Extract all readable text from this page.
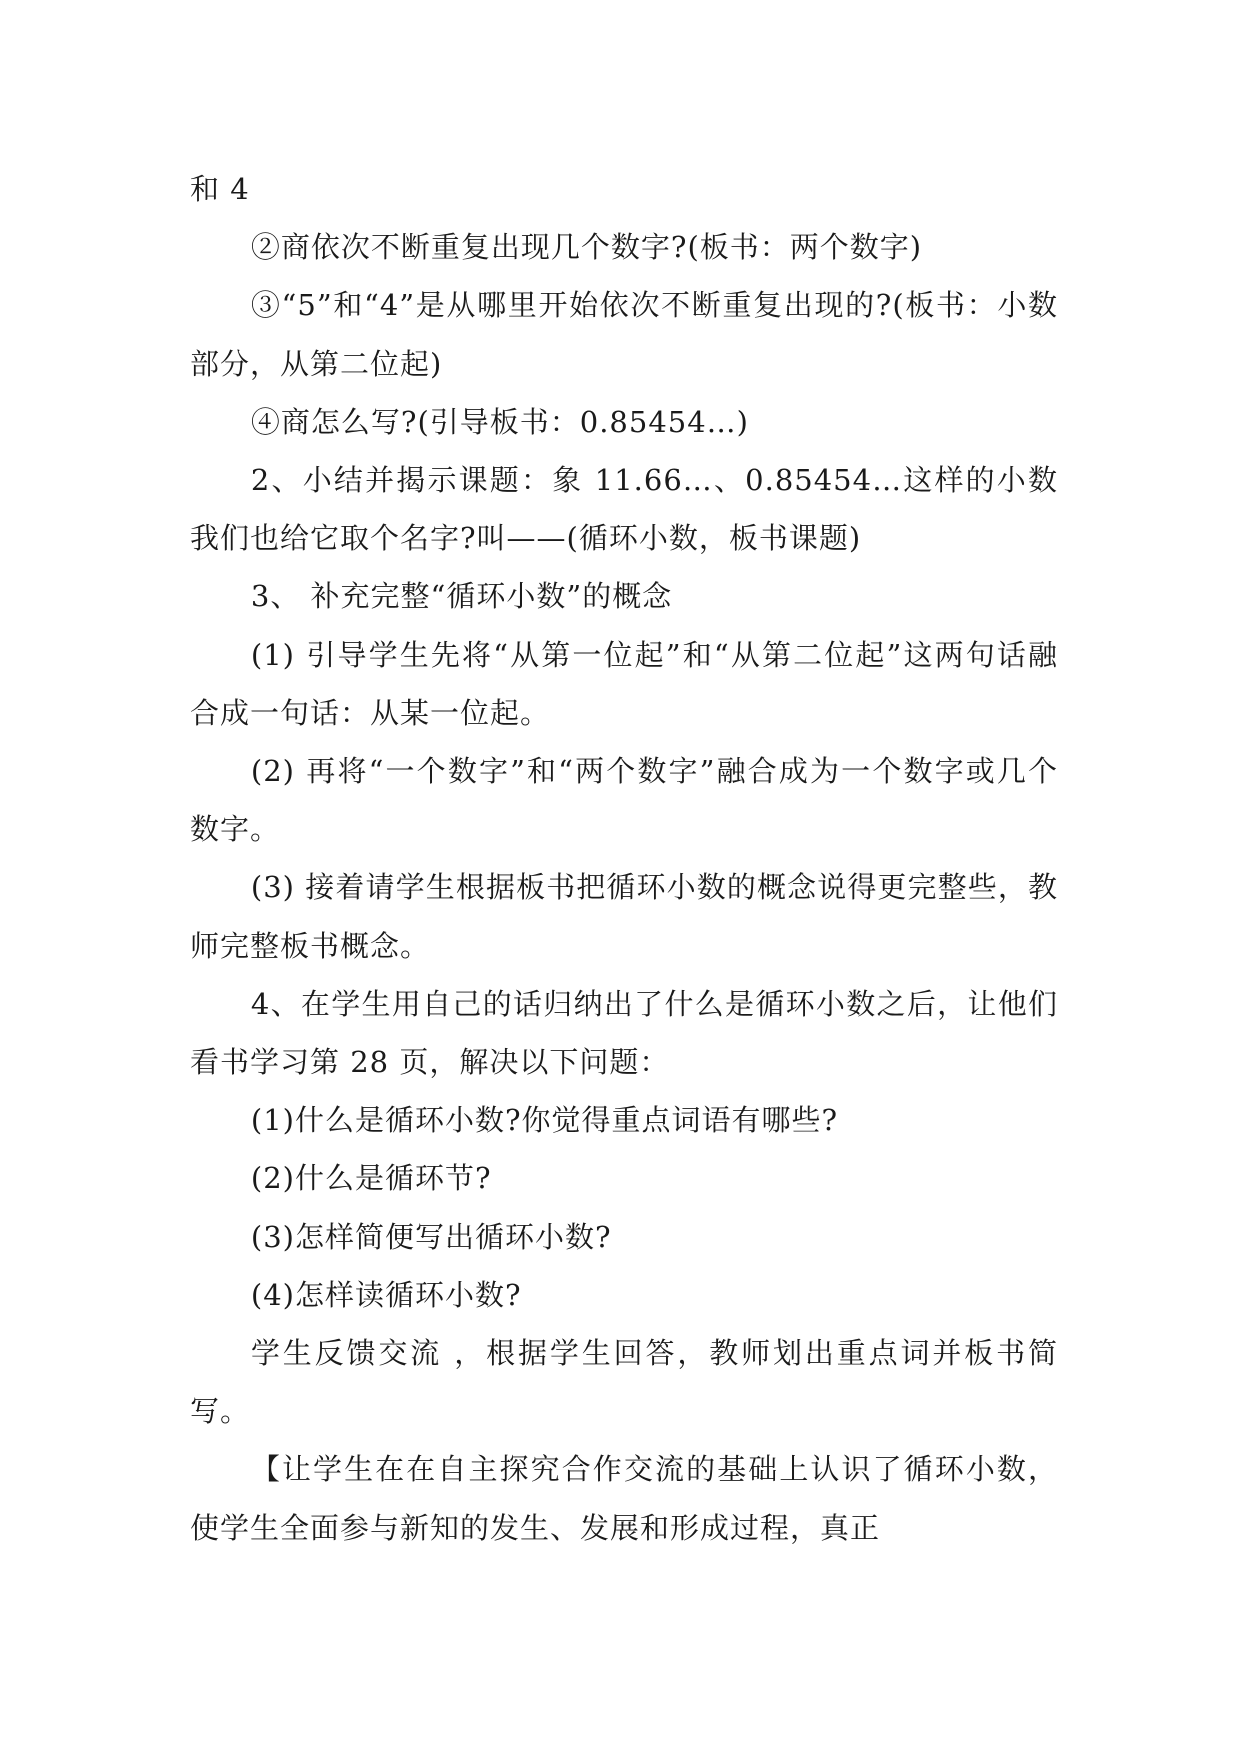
和 4

②商依次不断重复出现几个数字?(板书：两个数字)

③“5”和“4”是从哪里开始依次不断重复出现的?(板书：小数部分，从第二位起)

④商怎么写?(引导板书：0.85454…)

2、小结并揭示课题：象 11.66…、0.85454…这样的小数我们也给它取个名字?叫——(循环小数，板书课题)

3、 补充完整“循环小数”的概念

(1) 引导学生先将“从第一位起”和“从第二位起”这两句话融合成一句话：从某一位起。

(2) 再将“一个数字”和“两个数字”融合成为一个数字或几个数字。

(3) 接着请学生根据板书把循环小数的概念说得更完整些，教师完整板书概念。

4、在学生用自己的话归纳出了什么是循环小数之后，让他们看书学习第 28 页，解决以下问题：

(1)什么是循环小数?你觉得重点词语有哪些?

(2)什么是循环节?

(3)怎样简便写出循环小数?

(4)怎样读循环小数?

学生反馈交流 ，根据学生回答，教师划出重点词并板书简写。

【让学生在在自主探究合作交流的基础上认识了循环小数，使学生全面参与新知的发生、发展和形成过程，真正
